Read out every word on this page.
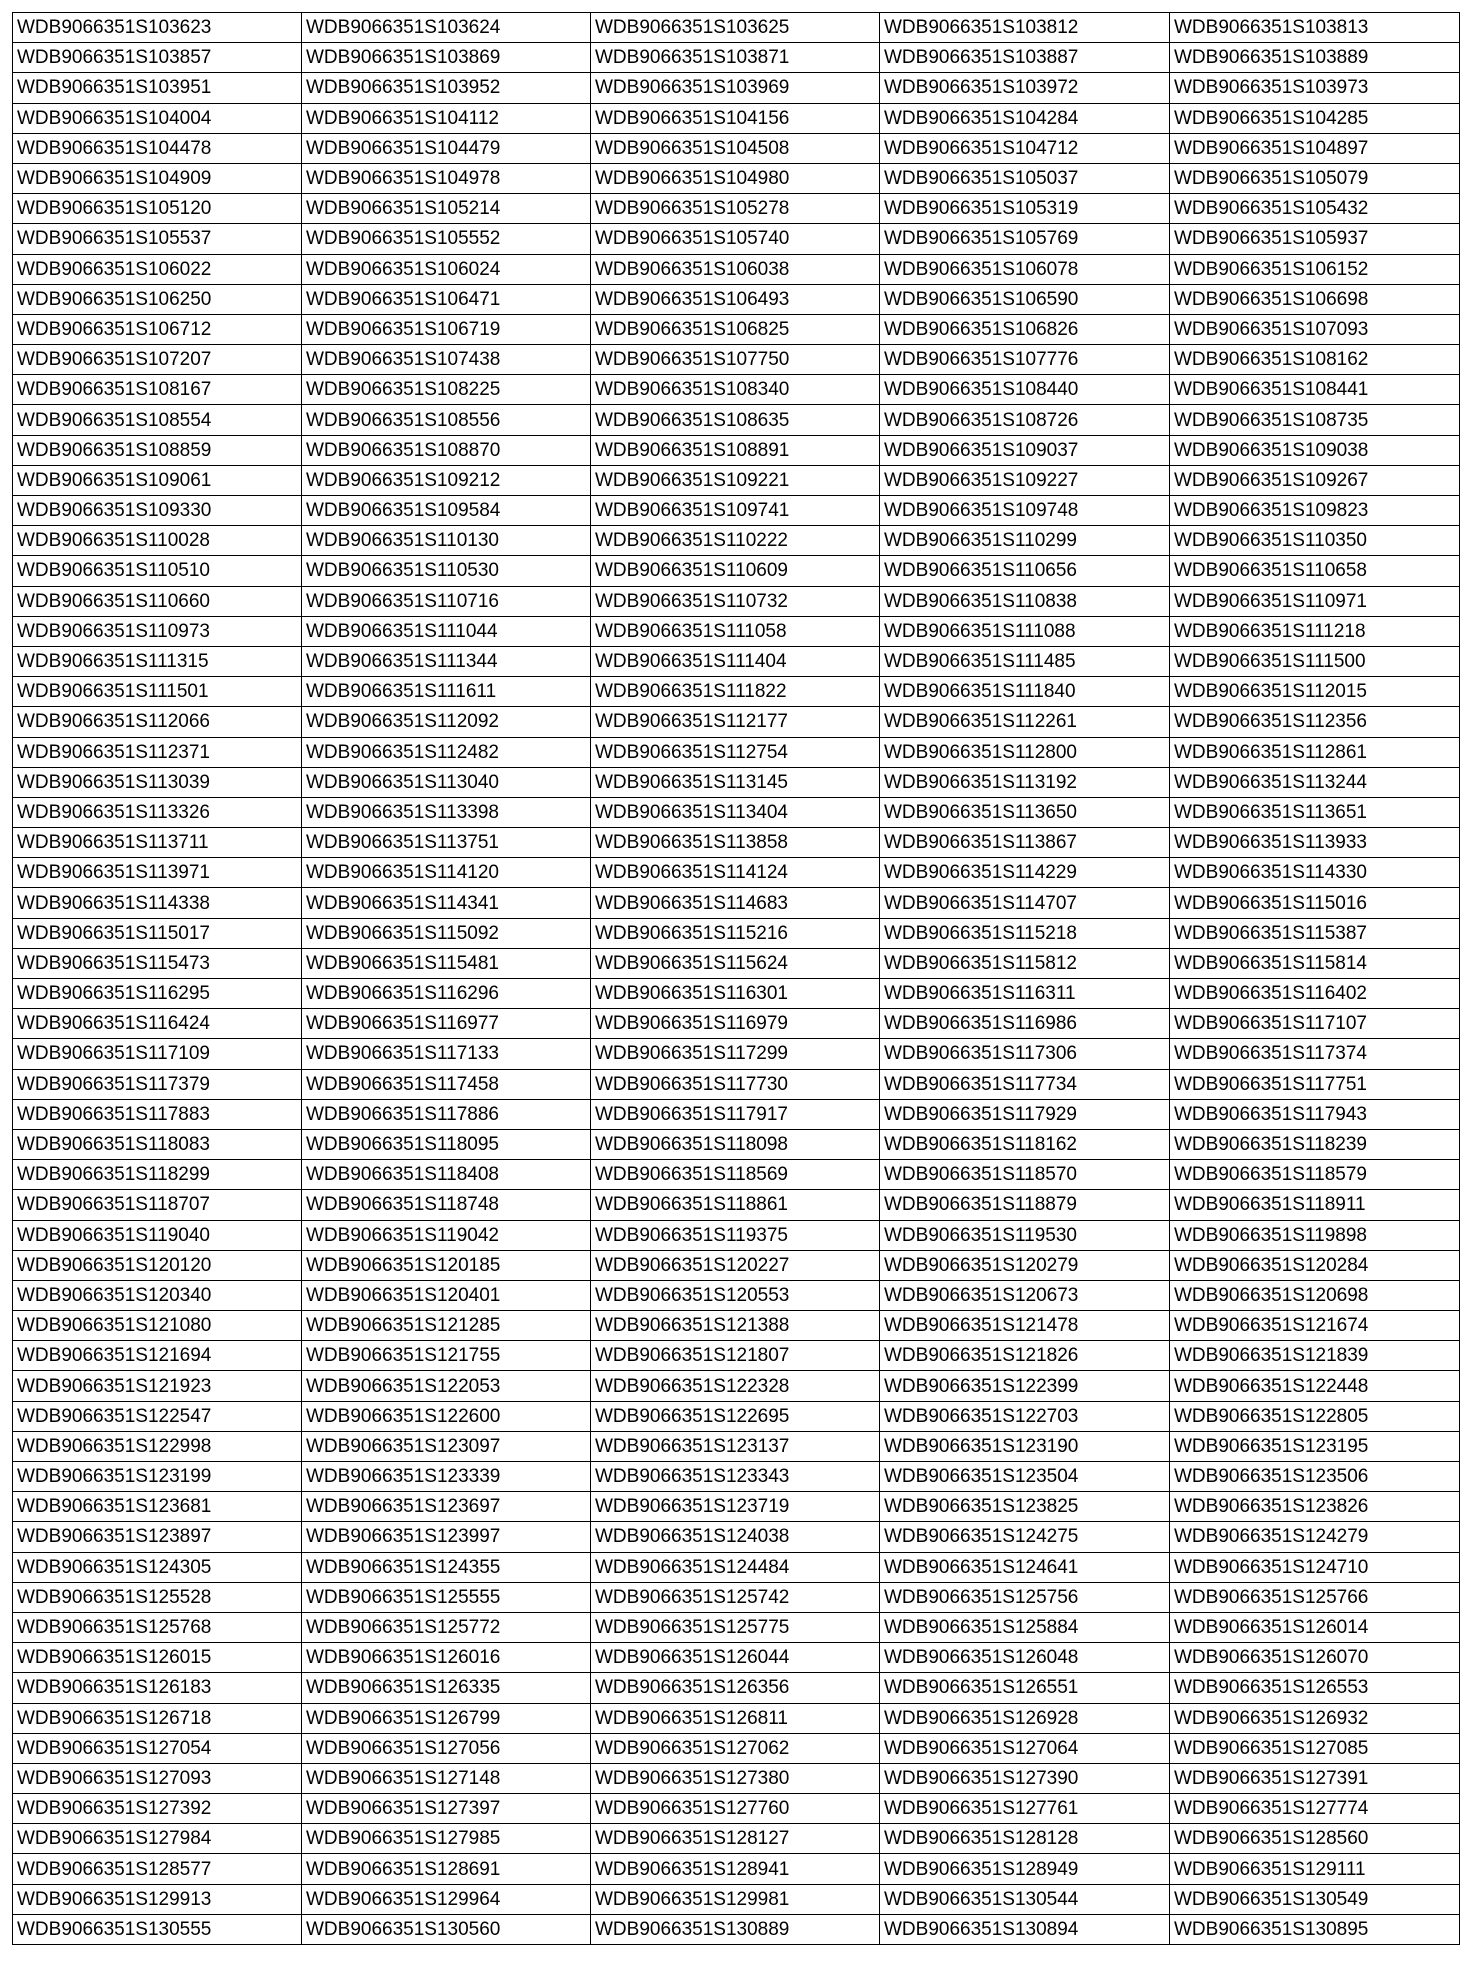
WDB9066351S103623	WDB9066351S103624	WDB9066351S103625	WDB9066351S103812	WDB9066351S103813
WDB9066351S103857	WDB9066351S103869	WDB9066351S103871	WDB9066351S103887	WDB9066351S103889
WDB9066351S103951	WDB9066351S103952	WDB9066351S103969	WDB9066351S103972	WDB9066351S103973
WDB9066351S104004	WDB9066351S104112	WDB9066351S104156	WDB9066351S104284	WDB9066351S104285
WDB9066351S104478	WDB9066351S104479	WDB9066351S104508	WDB9066351S104712	WDB9066351S104897
WDB9066351S104909	WDB9066351S104978	WDB9066351S104980	WDB9066351S105037	WDB9066351S105079
WDB9066351S105120	WDB9066351S105214	WDB9066351S105278	WDB9066351S105319	WDB9066351S105432
WDB9066351S105537	WDB9066351S105552	WDB9066351S105740	WDB9066351S105769	WDB9066351S105937
WDB9066351S106022	WDB9066351S106024	WDB9066351S106038	WDB9066351S106078	WDB9066351S106152
WDB9066351S106250	WDB9066351S106471	WDB9066351S106493	WDB9066351S106590	WDB9066351S106698
WDB9066351S106712	WDB9066351S106719	WDB9066351S106825	WDB9066351S106826	WDB9066351S107093
WDB9066351S107207	WDB9066351S107438	WDB9066351S107750	WDB9066351S107776	WDB9066351S108162
WDB9066351S108167	WDB9066351S108225	WDB9066351S108340	WDB9066351S108440	WDB9066351S108441
WDB9066351S108554	WDB9066351S108556	WDB9066351S108635	WDB9066351S108726	WDB9066351S108735
WDB9066351S108859	WDB9066351S108870	WDB9066351S108891	WDB9066351S109037	WDB9066351S109038
WDB9066351S109061	WDB9066351S109212	WDB9066351S109221	WDB9066351S109227	WDB9066351S109267
WDB9066351S109330	WDB9066351S109584	WDB9066351S109741	WDB9066351S109748	WDB9066351S109823
WDB9066351S110028	WDB9066351S110130	WDB9066351S110222	WDB9066351S110299	WDB9066351S110350
WDB9066351S110510	WDB9066351S110530	WDB9066351S110609	WDB9066351S110656	WDB9066351S110658
WDB9066351S110660	WDB9066351S110716	WDB9066351S110732	WDB9066351S110838	WDB9066351S110971
WDB9066351S110973	WDB9066351S111044	WDB9066351S111058	WDB9066351S111088	WDB9066351S111218
WDB9066351S111315	WDB9066351S111344	WDB9066351S111404	WDB9066351S111485	WDB9066351S111500
WDB9066351S111501	WDB9066351S111611	WDB9066351S111822	WDB9066351S111840	WDB9066351S112015
WDB9066351S112066	WDB9066351S112092	WDB9066351S112177	WDB9066351S112261	WDB9066351S112356
WDB9066351S112371	WDB9066351S112482	WDB9066351S112754	WDB9066351S112800	WDB9066351S112861
WDB9066351S113039	WDB9066351S113040	WDB9066351S113145	WDB9066351S113192	WDB9066351S113244
WDB9066351S113326	WDB9066351S113398	WDB9066351S113404	WDB9066351S113650	WDB9066351S113651
WDB9066351S113711	WDB9066351S113751	WDB9066351S113858	WDB9066351S113867	WDB9066351S113933
WDB9066351S113971	WDB9066351S114120	WDB9066351S114124	WDB9066351S114229	WDB9066351S114330
WDB9066351S114338	WDB9066351S114341	WDB9066351S114683	WDB9066351S114707	WDB9066351S115016
WDB9066351S115017	WDB9066351S115092	WDB9066351S115216	WDB9066351S115218	WDB9066351S115387
WDB9066351S115473	WDB9066351S115481	WDB9066351S115624	WDB9066351S115812	WDB9066351S115814
WDB9066351S116295	WDB9066351S116296	WDB9066351S116301	WDB9066351S116311	WDB9066351S116402
WDB9066351S116424	WDB9066351S116977	WDB9066351S116979	WDB9066351S116986	WDB9066351S117107
WDB9066351S117109	WDB9066351S117133	WDB9066351S117299	WDB9066351S117306	WDB9066351S117374
WDB9066351S117379	WDB9066351S117458	WDB9066351S117730	WDB9066351S117734	WDB9066351S117751
WDB9066351S117883	WDB9066351S117886	WDB9066351S117917	WDB9066351S117929	WDB9066351S117943
WDB9066351S118083	WDB9066351S118095	WDB9066351S118098	WDB9066351S118162	WDB9066351S118239
WDB9066351S118299	WDB9066351S118408	WDB9066351S118569	WDB9066351S118570	WDB9066351S118579
WDB9066351S118707	WDB9066351S118748	WDB9066351S118861	WDB9066351S118879	WDB9066351S118911
WDB9066351S119040	WDB9066351S119042	WDB9066351S119375	WDB9066351S119530	WDB9066351S119898
WDB9066351S120120	WDB9066351S120185	WDB9066351S120227	WDB9066351S120279	WDB9066351S120284
WDB9066351S120340	WDB9066351S120401	WDB9066351S120553	WDB9066351S120673	WDB9066351S120698
WDB9066351S121080	WDB9066351S121285	WDB9066351S121388	WDB9066351S121478	WDB9066351S121674
WDB9066351S121694	WDB9066351S121755	WDB9066351S121807	WDB9066351S121826	WDB9066351S121839
WDB9066351S121923	WDB9066351S122053	WDB9066351S122328	WDB9066351S122399	WDB9066351S122448
WDB9066351S122547	WDB9066351S122600	WDB9066351S122695	WDB9066351S122703	WDB9066351S122805
WDB9066351S122998	WDB9066351S123097	WDB9066351S123137	WDB9066351S123190	WDB9066351S123195
WDB9066351S123199	WDB9066351S123339	WDB9066351S123343	WDB9066351S123504	WDB9066351S123506
WDB9066351S123681	WDB9066351S123697	WDB9066351S123719	WDB9066351S123825	WDB9066351S123826
WDB9066351S123897	WDB9066351S123997	WDB9066351S124038	WDB9066351S124275	WDB9066351S124279
WDB9066351S124305	WDB9066351S124355	WDB9066351S124484	WDB9066351S124641	WDB9066351S124710
WDB9066351S125528	WDB9066351S125555	WDB9066351S125742	WDB9066351S125756	WDB9066351S125766
WDB9066351S125768	WDB9066351S125772	WDB9066351S125775	WDB9066351S125884	WDB9066351S126014
WDB9066351S126015	WDB9066351S126016	WDB9066351S126044	WDB9066351S126048	WDB9066351S126070
WDB9066351S126183	WDB9066351S126335	WDB9066351S126356	WDB9066351S126551	WDB9066351S126553
WDB9066351S126718	WDB9066351S126799	WDB9066351S126811	WDB9066351S126928	WDB9066351S126932
WDB9066351S127054	WDB9066351S127056	WDB9066351S127062	WDB9066351S127064	WDB9066351S127085
WDB9066351S127093	WDB9066351S127148	WDB9066351S127380	WDB9066351S127390	WDB9066351S127391
WDB9066351S127392	WDB9066351S127397	WDB9066351S127760	WDB9066351S127761	WDB9066351S127774
WDB9066351S127984	WDB9066351S127985	WDB9066351S128127	WDB9066351S128128	WDB9066351S128560
WDB9066351S128577	WDB9066351S128691	WDB9066351S128941	WDB9066351S128949	WDB9066351S129111
WDB9066351S129913	WDB9066351S129964	WDB9066351S129981	WDB9066351S130544	WDB9066351S130549
WDB9066351S130555	WDB9066351S130560	WDB9066351S130889	WDB9066351S130894	WDB9066351S130895
